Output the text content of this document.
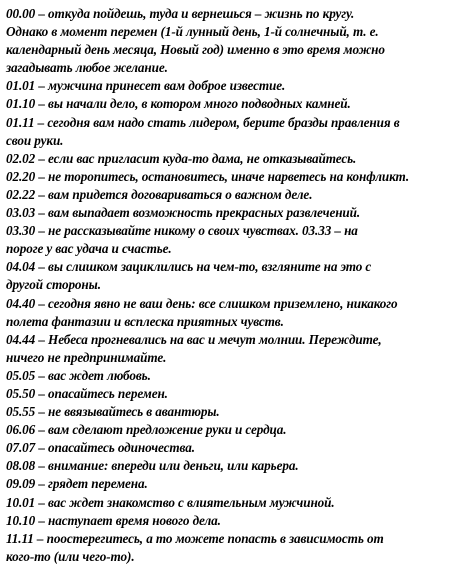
00.00 – откуда пойдешь, туда и вернешься – жизнь по кругу.
Однако в момент перемен (1-й лунный день, 1-й солнечный, т. е.
календарный день месяца, Новый год) именно в это время можно
загадывать любое желание.
01.01 – мужчина принесет вам доброе известие.
01.10 – вы начали дело, в котором много подводных камней.
01.11 – сегодня вам надо стать лидером, берите бразды правления в
свои руки.
02.02 – если вас пригласит куда-то дама, не отказывайтесь.
02.20 – не торопитесь, остановитесь, иначе нарветесь на конфликт.
02.22 – вам придется договариваться о важном деле.
03.03 – вам выпадает возможность прекрасных развлечений.
03.30 – не рассказывайте никому о своих чувствах. 03.33 – на
пороге у вас удача и счастье.
04.04 – вы слишком зациклились на чем-то, взгляните на это с
другой стороны.
04.40 – сегодня явно не ваш день: все слишком приземлено, никакого
полета фантазии и всплеска приятных чувств.
04.44 – Небеса прогневались на вас и мечут молнии. Переждите,
ничего не предпринимайте.
05.05 – вас ждет любовь.
05.50 – опасайтесь перемен.
05.55 – не ввязывайтесь в авантюры.
06.06 – вам сделают предложение руки и сердца.
07.07 – опасайтесь одиночества.
08.08 – внимание: впереди или деньги, или карьера.
09.09 – грядет перемена.
10.01 – вас ждет знакомство с влиятельным мужчиной.
10.10 – наступает время нового дела.
11.11 – поостерегитесь, а то можете попасть в зависимость от
кого-то (или чего-то).
